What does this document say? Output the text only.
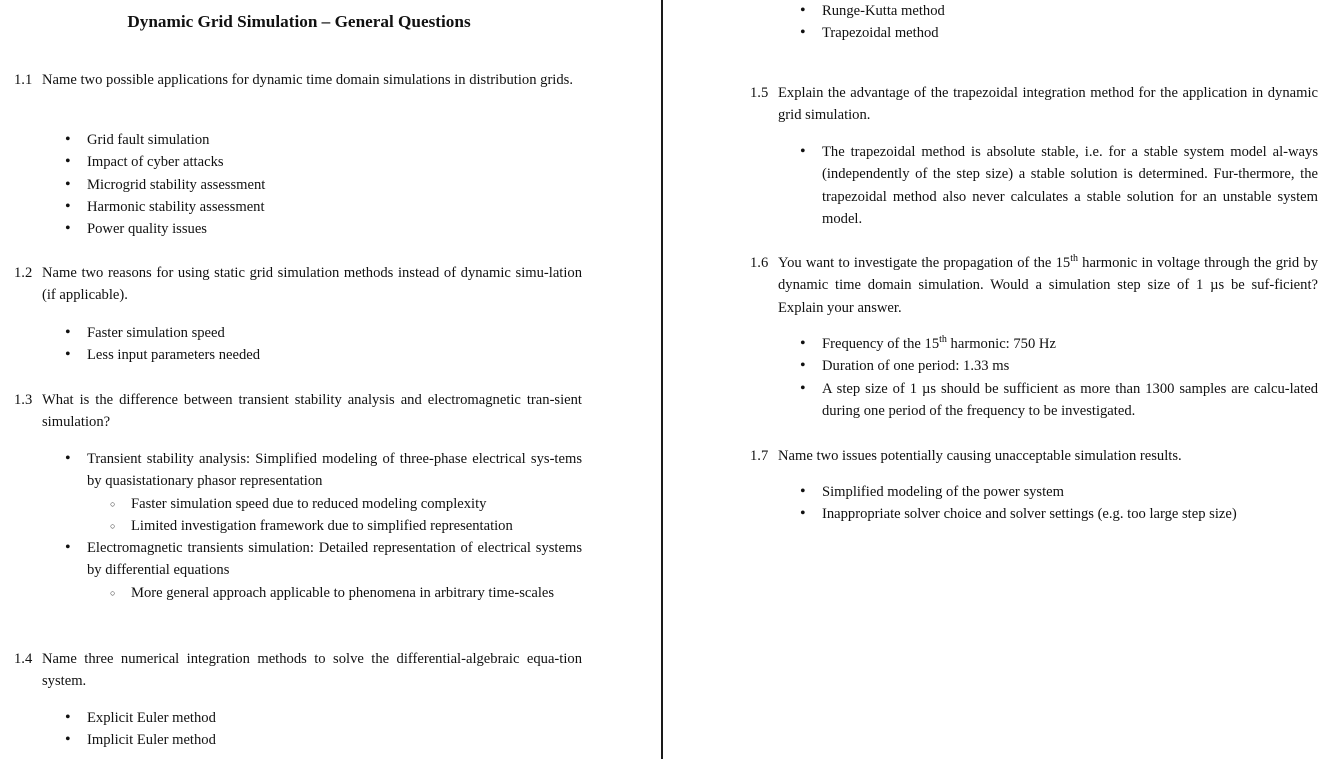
Dynamic Grid Simulation – General Questions

1.1 Name two possible applications for dynamic time domain simulations in distribution grids.

• Grid fault simulation
• Impact of cyber attacks
• Microgrid stability assessment
• Harmonic stability assessment
• Power quality issues

1.2 Name two reasons for using static grid simulation methods instead of dynamic simu-lation (if applicable).

• Faster simulation speed
• Less input parameters needed

1.3 What is the difference between transient stability analysis and electromagnetic tran-sient simulation?

• Transient stability analysis: Simplified modeling of three-phase electrical sys-tems by quasistationary phasor representation
○ Faster simulation speed due to reduced modeling complexity
○ Limited investigation framework due to simplified representation
• Electromagnetic transients simulation: Detailed representation of electrical systems by differential equations
○ More general approach applicable to phenomena in arbitrary time-scales

1.4 Name three numerical integration methods to solve the differential-algebraic equa-tion system.

• Explicit Euler method
• Implicit Euler method
• Runge-Kutta method
• Trapezoidal method

1.5 Explain the advantage of the trapezoidal integration method for the application in dynamic grid simulation.

• The trapezoidal method is absolute stable, i.e. for a stable system model al-ways (independently of the step size) a stable solution is determined. Fur-thermore, the trapezoidal method also never calculates a stable solution for an unstable system model.

1.6 You want to investigate the propagation of the 15th harmonic in voltage through the grid by dynamic time domain simulation. Would a simulation step size of 1 µs be suf-ficient? Explain your answer.

• Frequency of the 15th harmonic: 750 Hz
• Duration of one period: 1.33 ms
• A step size of 1 µs should be sufficient as more than 1300 samples are calcu-lated during one period of the frequency to be investigated.

1.7 Name two issues potentially causing unacceptable simulation results.

• Simplified modeling of the power system
• Inappropriate solver choice and solver settings (e.g. too large step size)
